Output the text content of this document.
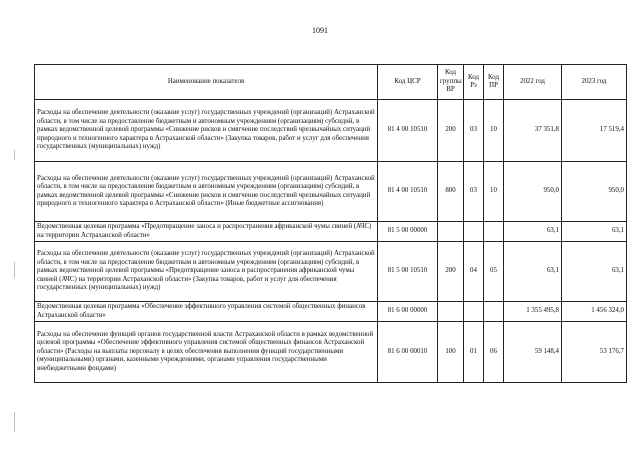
1091
Наименование показателя	Код ЦСР	Код группы ВР	Код Рз	Код ПР	2022 год	2023 год
Расходы на обеспечение деятельности (оказание услуг) государственных учреждений (организаций) Астраханской области, в том числе на предоставление бюджетным и автономным учреждениям (организациям) субсидий, в рамках ведомственной целевой программы «Снижение рисков и смягчение последствий чрезвычайных ситуаций природного и техногенного характера в Астраханской области» (Закупка товаров, работ и услуг для обеспечения государственных (муниципальных) нужд)	81 4 00 10510	200	03	10	37 351,8	17 519,4
Расходы на обеспечение деятельности (оказание услуг) государственных учреждений (организаций) Астраханской области, в том числе на предоставление бюджетным и автономным учреждениям (организациям) субсидий, в рамках ведомственной целевой программы «Снижение рисков и смягчение последствий чрезвычайных ситуаций природного и техногенного характера в Астраханской области» (Иные бюджетные ассигнования)	81 4 00 10510	800	03	10	950,0	950,0
Ведомственная целевая программа «Предотвращение заноса и распространения африканской чумы свиней (АЧС) на территории Астраханской области»	81 5 00 00000				63,1	63,1
Расходы на обеспечение деятельности (оказание услуг) государственных учреждений (организаций) Астраханской области, в том числе на предоставление бюджетным и автономным учреждениям (организациям) субсидий, в рамках ведомственной целевой программы «Предотвращение заноса и распространения африканской чумы свиней (АЧС) на территории Астраханской области» (Закупка товаров, работ и услуг для обеспечения государственных (муниципальных) нужд)	81 5 00 10510	200	04	05	63,1	63,1
Ведомственная целевая программа «Обеспечение эффективного управления системой общественных финансов Астраханской области»	81 6 00 00000				1 355 495,8	1 456 324,0
Расходы на обеспечение функций органов государственной власти Астраханской области в рамках ведомственной целевой программы «Обеспечение эффективного управления системой общественных финансов Астраханской области» (Расходы на выплаты персоналу в целях обеспечения выполнения функций государственными (муниципальными) органами, казенными учреждениями, органами управления государственными внебюджетными фондами)	81 6 00 00010	100	01	06	59 148,4	53 176,7
